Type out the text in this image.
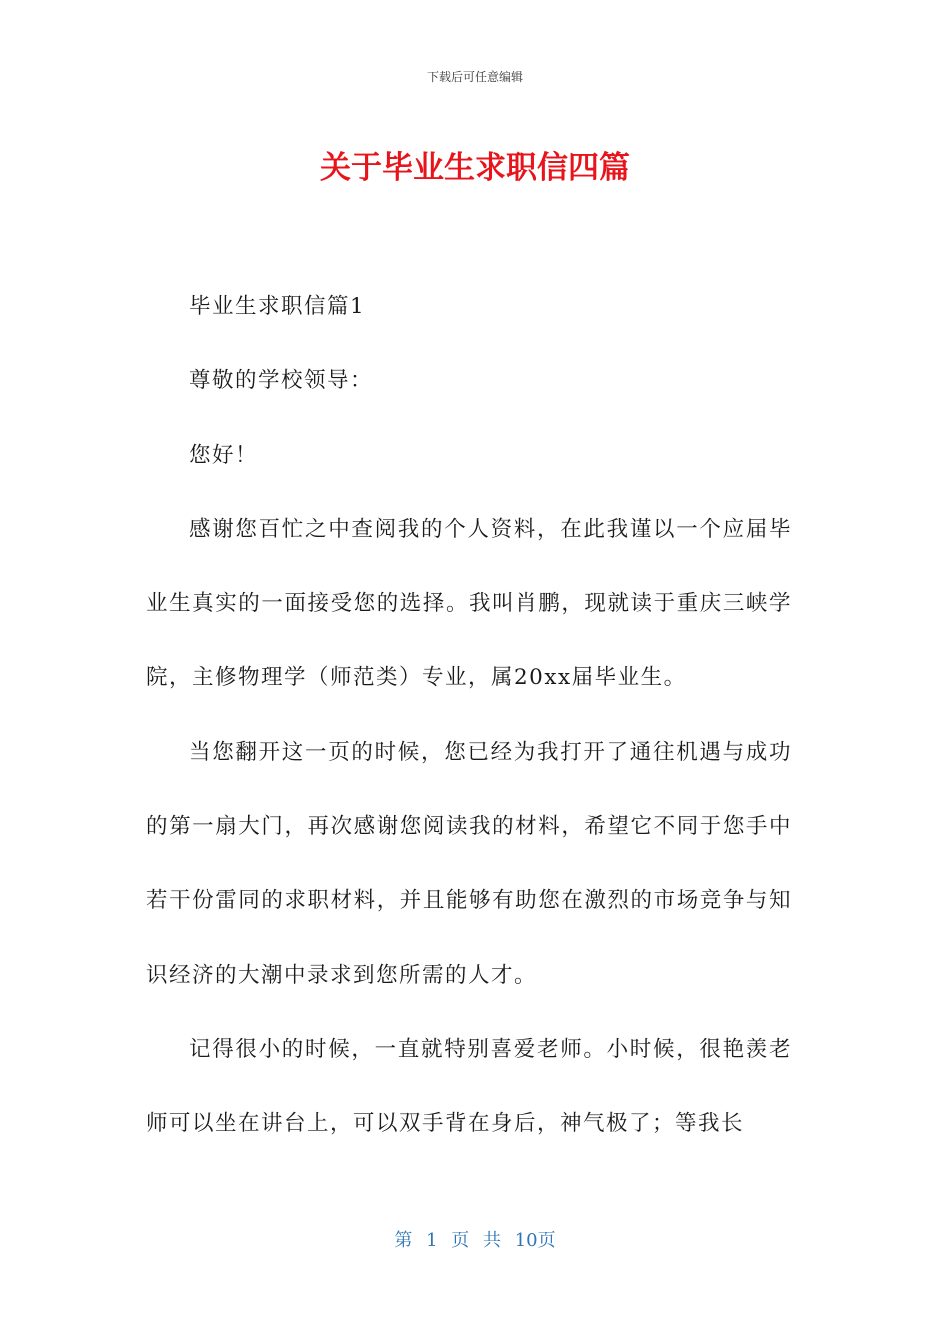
下载后可任意编辑
关于毕业生求职信四篇

毕业生求职信篇1

尊敬的学校领导：

您好！

感谢您百忙之中查阅我的个人资料，在此我谨以一个应届毕业生真实的一面接受您的选择。我叫肖鹏，现就读于重庆三峡学院，主修物理学（师范类）专业，属20xx届毕业生。

当您翻开这一页的时候，您已经为我打开了通往机遇与成功的第一扇大门，再次感谢您阅读我的材料，希望它不同于您手中若干份雷同的求职材料，并且能够有助您在激烈的市场竞争与知识经济的大潮中录求到您所需的人才。

记得很小的时候，一直就特别喜爱老师。小时候，很艳羡老师可以坐在讲台上，可以双手背在身后，神气极了；等我长

第 1 页 共 10页
